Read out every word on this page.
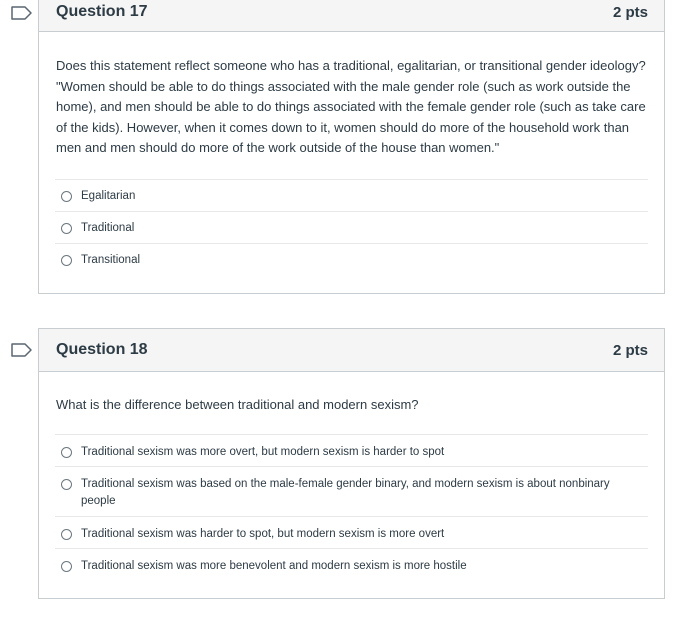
Question 17	2 pts
Does this statement reflect someone who has a traditional, egalitarian, or transitional gender ideology? "Women should be able to do things associated with the male gender role (such as work outside the home), and men should be able to do things associated with the female gender role (such as take care of the kids). However, when it comes down to it, women should do more of the household work than men and men should do more of the work outside of the house than women."
Egalitarian
Traditional
Transitional
Question 18	2 pts
What is the difference between traditional and modern sexism?
Traditional sexism was more overt, but modern sexism is harder to spot
Traditional sexism was based on the male-female gender binary, and modern sexism is about nonbinary people
Traditional sexism was harder to spot, but modern sexism is more overt
Traditional sexism was more benevolent and modern sexism is more hostile
